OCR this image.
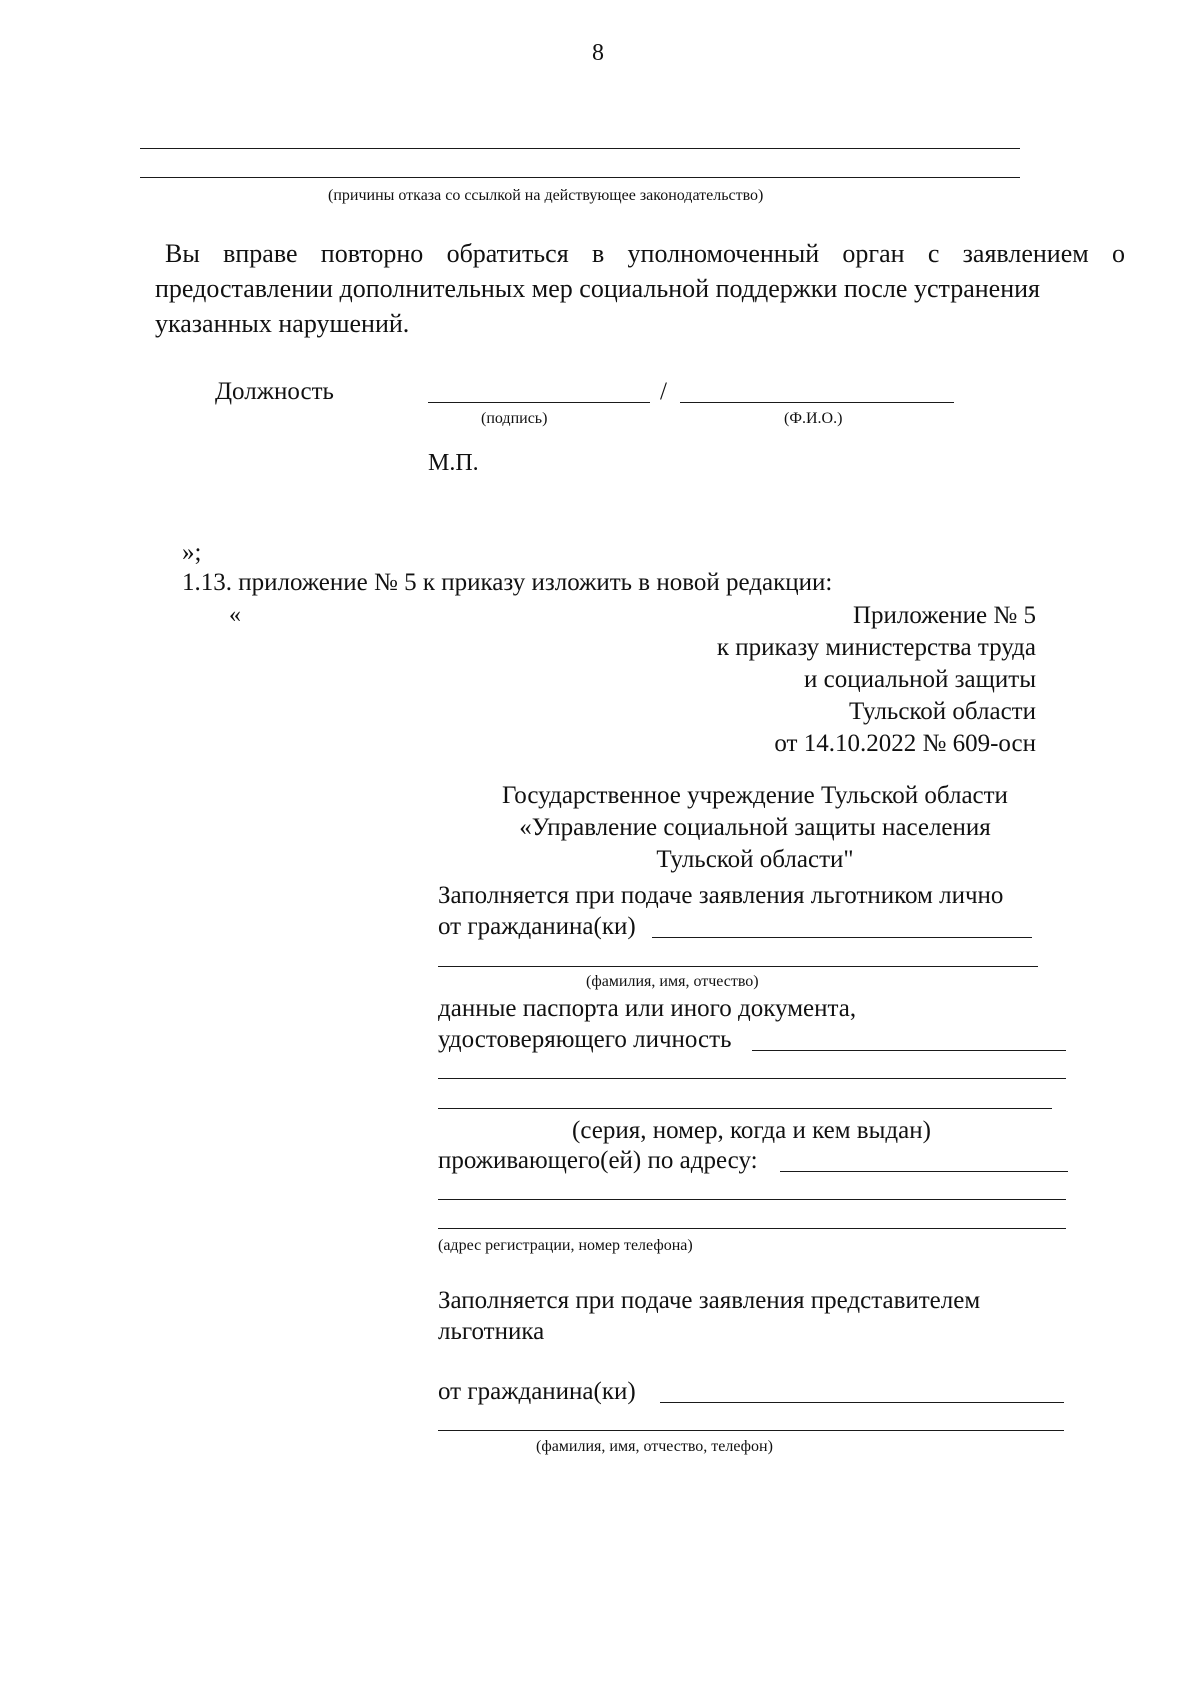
8
(причины отказа со ссылкой на действующее законодательство)
Вы вправе повторно обратиться в уполномоченный орган с заявлением о
предоставлении дополнительных мер социальной поддержки после устранения
указанных нарушений.
Должность	/
(подпись)	(Ф.И.О.)
М.П.
»;
1.13. приложение № 5 к приказу изложить в новой редакции:
«	Приложение № 5
к приказу министерства труда
и социальной защиты
Тульской области
от 14.10.2022 № 609-осн
Государственное учреждение Тульской области
«Управление социальной защиты населения
Тульской области"
Заполняется при подаче заявления льготником лично
от гражданина(ки)
(фамилия, имя, отчество)
данные паспорта или иного документа,
удостоверяющего личность
(серия, номер, когда и кем выдан)
проживающего(ей) по адресу:
(адрес регистрации, номер телефона)
Заполняется при подаче заявления представителем
льготника
от гражданина(ки)
(фамилия, имя, отчество, телефон)
